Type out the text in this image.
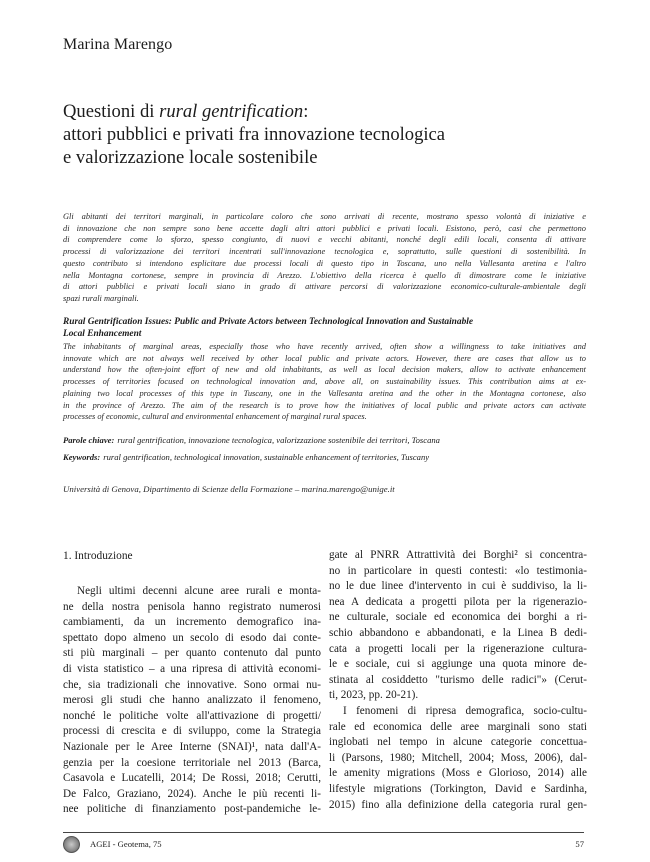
Marina Marengo
Questioni di rural gentrification:
attori pubblici e privati fra innovazione tecnologica
e valorizzazione locale sostenibile
Gli abitanti dei territori marginali, in particolare coloro che sono arrivati di recente, mostrano spesso volontà di iniziative e
di innovazione che non sempre sono bene accette dagli altri attori pubblici e privati locali. Esistono, però, casi che permettono
di comprendere come lo sforzo, spesso congiunto, di nuovi e vecchi abitanti, nonché degli edili locali, consenta di attivare
processi di valorizzazione dei territori incentrati sull'innovazione tecnologica e, soprattutto, sulle questioni di sostenibilità. In
questo contributo si intendono esplicitare due processi locali di questo tipo in Toscana, uno nella Vallesanta aretina e l'altro
nella Montagna cortonese, sempre in provincia di Arezzo. L'obiettivo della ricerca è quello di dimostrare come le iniziative
di attori pubblici e privati locali siano in grado di attivare percorsi di valorizzazione economico-culturale-ambientale degli
spazi rurali marginali.
Rural Gentrification Issues: Public and Private Actors between Technological Innovation and Sustainable
Local Enhancement
The inhabitants of marginal areas, especially those who have recently arrived, often show a willingness to take initiatives and
innovate which are not always well received by other local public and private actors. However, there are cases that allow us to
understand how the often-joint effort of new and old inhabitants, as well as local decision makers, allow to activate enhancement
processes of territories focused on technological innovation and, above all, on sustainability issues. This contribution aims at ex-
plaining two local processes of this type in Tuscany, one in the Vallesanta aretina and the other in the Montagna cortonese, also
in the province of Arezzo. The aim of the research is to prove how the initiatives of local public and private actors can activate
processes of economic, cultural and environmental enhancement of marginal rural spaces.
Parole chiave: rural gentrification, innovazione tecnologica, valorizzazione sostenibile dei territori, Toscana
Keywords: rural gentrification, technological innovation, sustainable enhancement of territories, Tuscany
Università di Genova, Dipartimento di Scienze della Formazione – marina.marengo@unige.it
1. Introduzione
Negli ultimi decenni alcune aree rurali e monta-
ne della nostra penisola hanno registrato numerosi
cambiamenti, da un incremento demografico ina-
spettato dopo almeno un secolo di esodo dai conte-
sti più marginali – per quanto contenuto dal punto
di vista statistico – a una ripresa di attività economi-
che, sia tradizionali che innovative. Sono ormai nu-
merosi gli studi che hanno analizzato il fenomeno,
nonché le politiche volte all'attivazione di progetti/
processi di crescita e di sviluppo, come la Strategia
Nazionale per le Aree Interne (SNAI)¹, nata dall'A-
genzia per la coesione territoriale nel 2013 (Barca,
Casavola e Lucatelli, 2014; De Rossi, 2018; Cerutti,
De Falco, Graziano, 2024). Anche le più recenti li-
nee politiche di finanziamento post-pandemiche le-
gate al PNRR Attrattività dei Borghi² si concentra-
no in particolare in questi contesti: «lo testimonia-
no le due linee d'intervento in cui è suddiviso, la li-
nea A dedicata a progetti pilota per la rigenerazio-
ne culturale, sociale ed economica dei borghi a ri-
schio abbandono e abbandonati, e la Linea B dedi-
cata a progetti locali per la rigenerazione cultura-
le e sociale, cui si aggiunge una quota minore de-
stinata al cosiddetto "turismo delle radici"» (Cerut-
ti, 2023, pp. 20-21).
I fenomeni di ripresa demografica, socio-cultu-
rale ed economica delle aree marginali sono stati
inglobati nel tempo in alcune categorie concettua-
li (Parsons, 1980; Mitchell, 2004; Moss, 2006), dal-
le amenity migrations (Moss e Glorioso, 2014) alle
lifestyle migrations (Torkington, David e Sardinha,
2015) fino alla definizione della categoria rural gen-
AGEI - Geotema, 75	57
